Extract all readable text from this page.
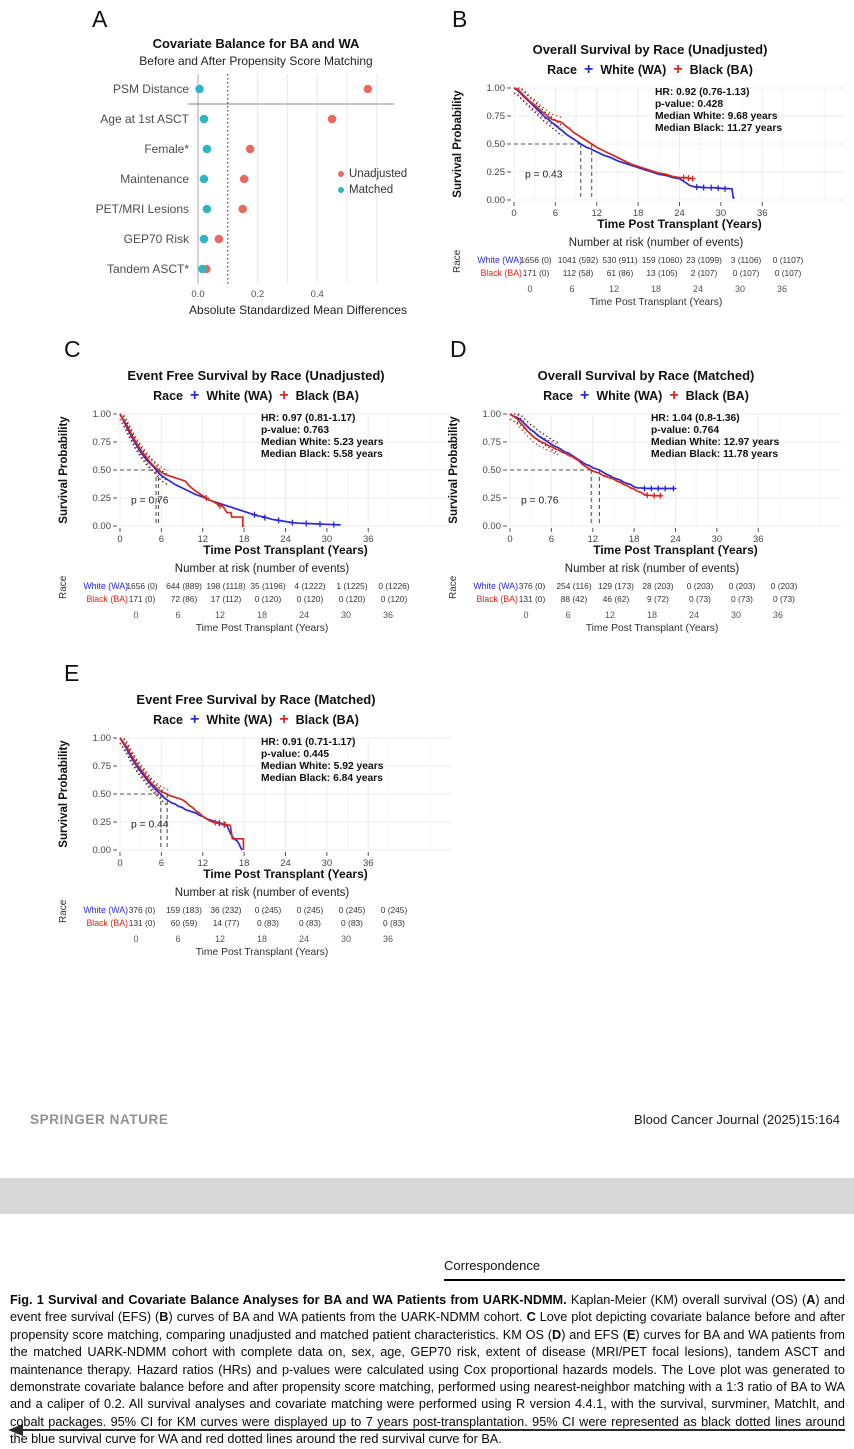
A
Covariate Balance for BA and WA
Before and After Propensity Score Matching
PSM Distance
Age at 1st ASCT
Female*
Maintenance
PET/MRI Lesions
GEP70 Risk
Tandem ASCT*
0.0	0.2	0.4
Absolute Standardized Mean Differences
Unadjusted
Matched
B
Overall Survival by Race (Unadjusted)
Race + White (WA) + Black (BA)
0.00
0.25
0.50
0.75
1.00
0	6	12	18	24	30	36
Time Post Transplant (Years)
Survival Probability	HR: 0.92 (0.76-1.13)
p-value: 0.428
Median White: 9.68 years
Median Black: 11.27 years
p = 0.43
Number at risk (number of events)
Race	White (WA)
1656 (0) 1041 (592) 530 (911) 159 (1060) 23 (1099)	3 (1106)	0 (1107)
Black (BA) 171 (0)	112 (58)	61 (86)	13 (105)	2 (107)	0 (107)	0 (107)
0	6	12	18	24	30	36
Time Post Transplant (Years)
C
Event Free Survival by Race (Unadjusted)
Race + White (WA) + Black (BA)
0.00
0.25
0.50
0.75
1.00
0	6	12	18	24	30	36
Time Post Transplant (Years)
Survival Probability	HR: 0.97 (0.81-1.17)
p-value: 0.763
Median White: 5.23 years
Median Black: 5.58 years
p = 0.76
Number at risk (number of events)
Race	White (WA)
1656 (0)	644 (889) 198 (1118) 35 (1196)	4 (1222)	1 (1225)	0 (1226)
Black (BA) 171 (0)	72 (86)	17 (112)	0 (120)	0 (120)	0 (120)	0 (120)
0	6	12	18	24	30	36
Time Post Transplant (Years)
D
Overall Survival by Race (Matched)
Race + White (WA) + Black (BA)
0.00
0.25
0.50
0.75
1.00
0	6	12	18	24	30	36
Time Post Transplant (Years)
Survival Probability	HR: 1.04 (0.8-1.36)
p-value: 0.764
Median White: 12.97 years
Median Black: 11.78 years
p = 0.76
Number at risk (number of events)
Race	White (WA) 376 (0)	254 (116) 129 (173)	28 (203)	0 (203)	0 (203)	0 (203)
Black (BA) 131 (0)	88 (42)	46 (62)	9 (72)	0 (73)	0 (73)	0 (73)
0	6	12	18	24	30	36
Time Post Transplant (Years)
E
Event Free Survival by Race (Matched)
Race + White (WA) + Black (BA)
0.00
0.25
0.50
0.75
1.00
0	6	12	18	24	30	36
Time Post Transplant (Years)
Survival Probability	HR: 0.91 (0.71-1.17)
p-value: 0.445
Median White: 5.92 years
Median Black: 6.84 years
p = 0.44
Number at risk (number of events)
Race	White (WA) 376 (0)	159 (183)	36 (232)	0 (245)	0 (245)	0 (245)	0 (245)
Black (BA) 131 (0)	60 (59)	14 (77)	0 (83)	0 (83)	0 (83)	0 (83)
0	6	12	18	24	30	36
Time Post Transplant (Years)
SPRINGER NATURE	Blood Cancer Journal (2025)15:164
Correspondence
Fig. 1 Survival and Covariate Balance Analyses for BA and WA Patients from UARK-NDMM. Kaplan-Meier (KM) overall survival (OS) (A) and event free survival (EFS) (B) curves of BA and WA patients from the UARK-NDMM cohort. C Love plot depicting covariate balance before and after propensity score matching, comparing unadjusted and matched patient characteristics. KM OS (D) and EFS (E) curves for BA and WA patients from the matched UARK-NDMM cohort with complete data on, sex, age, GEP70 risk, extent of disease (MRI/PET focal lesions), tandem ASCT and maintenance therapy. Hazard ratios (HRs) and p-values were calculated using Cox proportional hazards models. The Love plot was generated to demonstrate covariate balance before and after propensity score matching, performed using nearest-neighbor matching with a 1:3 ratio of BA to WA and a caliper of 0.2. All survival analyses and covariate matching were performed using R version 4.4.1, with the survival, survminer, MatchIt, and cobalt packages. 95% CI for KM curves were displayed up to 7 years post-transplantation. 95% CI were represented as black dotted lines around the blue survival curve for WA and red dotted lines around the red survival curve for BA.
